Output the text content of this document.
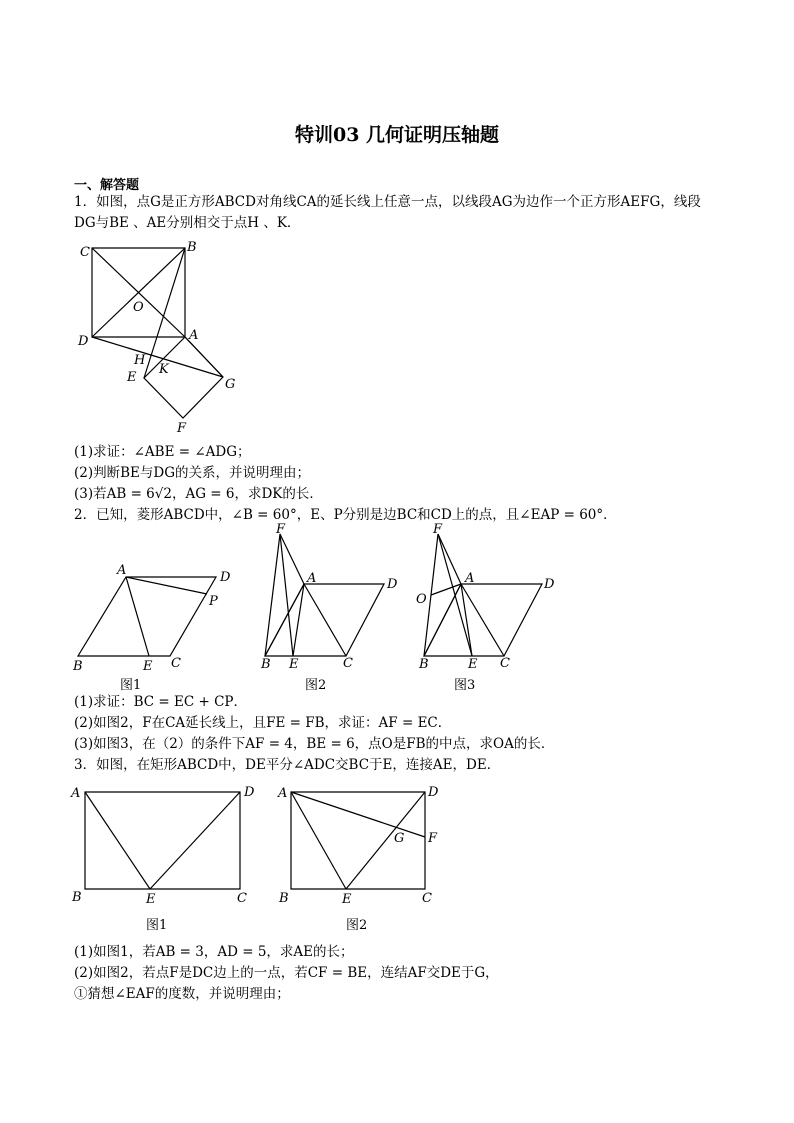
特训03 几何证明压轴题
一、解答题
1．如图，点G是正方形ABCD对角线CA的延长线上任意一点，以线段AG为边作一个正方形AEFG，线段
DG与BE 、AE分别相交于点H 、K．
C	B
O
D	A
H
E
K
G
F
(1)求证：∠ABE = ∠ADG；
(2)判断BE与DG的关系，并说明理由；
(3)若AB = 6√2，AG = 6，求DK的长．
2．已知，菱形ABCD中，∠B = 60°，E、P分别是边BC和CD上的点，且∠EAP = 60°．
A	D
P
B	E C
图1
F
A	D
B E	C
图2
F
A	D
O
B	E C
图3
(1)求证：BC = EC + CP．
(2)如图2，F在CA延长线上，且FE = FB，求证：AF = EC．
(3)如图3，在（2）的条件下AF = 4，BE = 6，点O是FB的中点，求OA的长．
3．如图，在矩形ABCD中，DE平分∠ADC交BC于E，连接AE，DE．
A	D
B	E	C
图1
A	D
G F
B	E	C
图2
(1)如图1，若AB = 3，AD = 5，求AE的长；
(2)如图2，若点F是DC边上的一点，若CF = BE，连结AF交DE于G，
①猜想∠EAF的度数，并说明理由；
